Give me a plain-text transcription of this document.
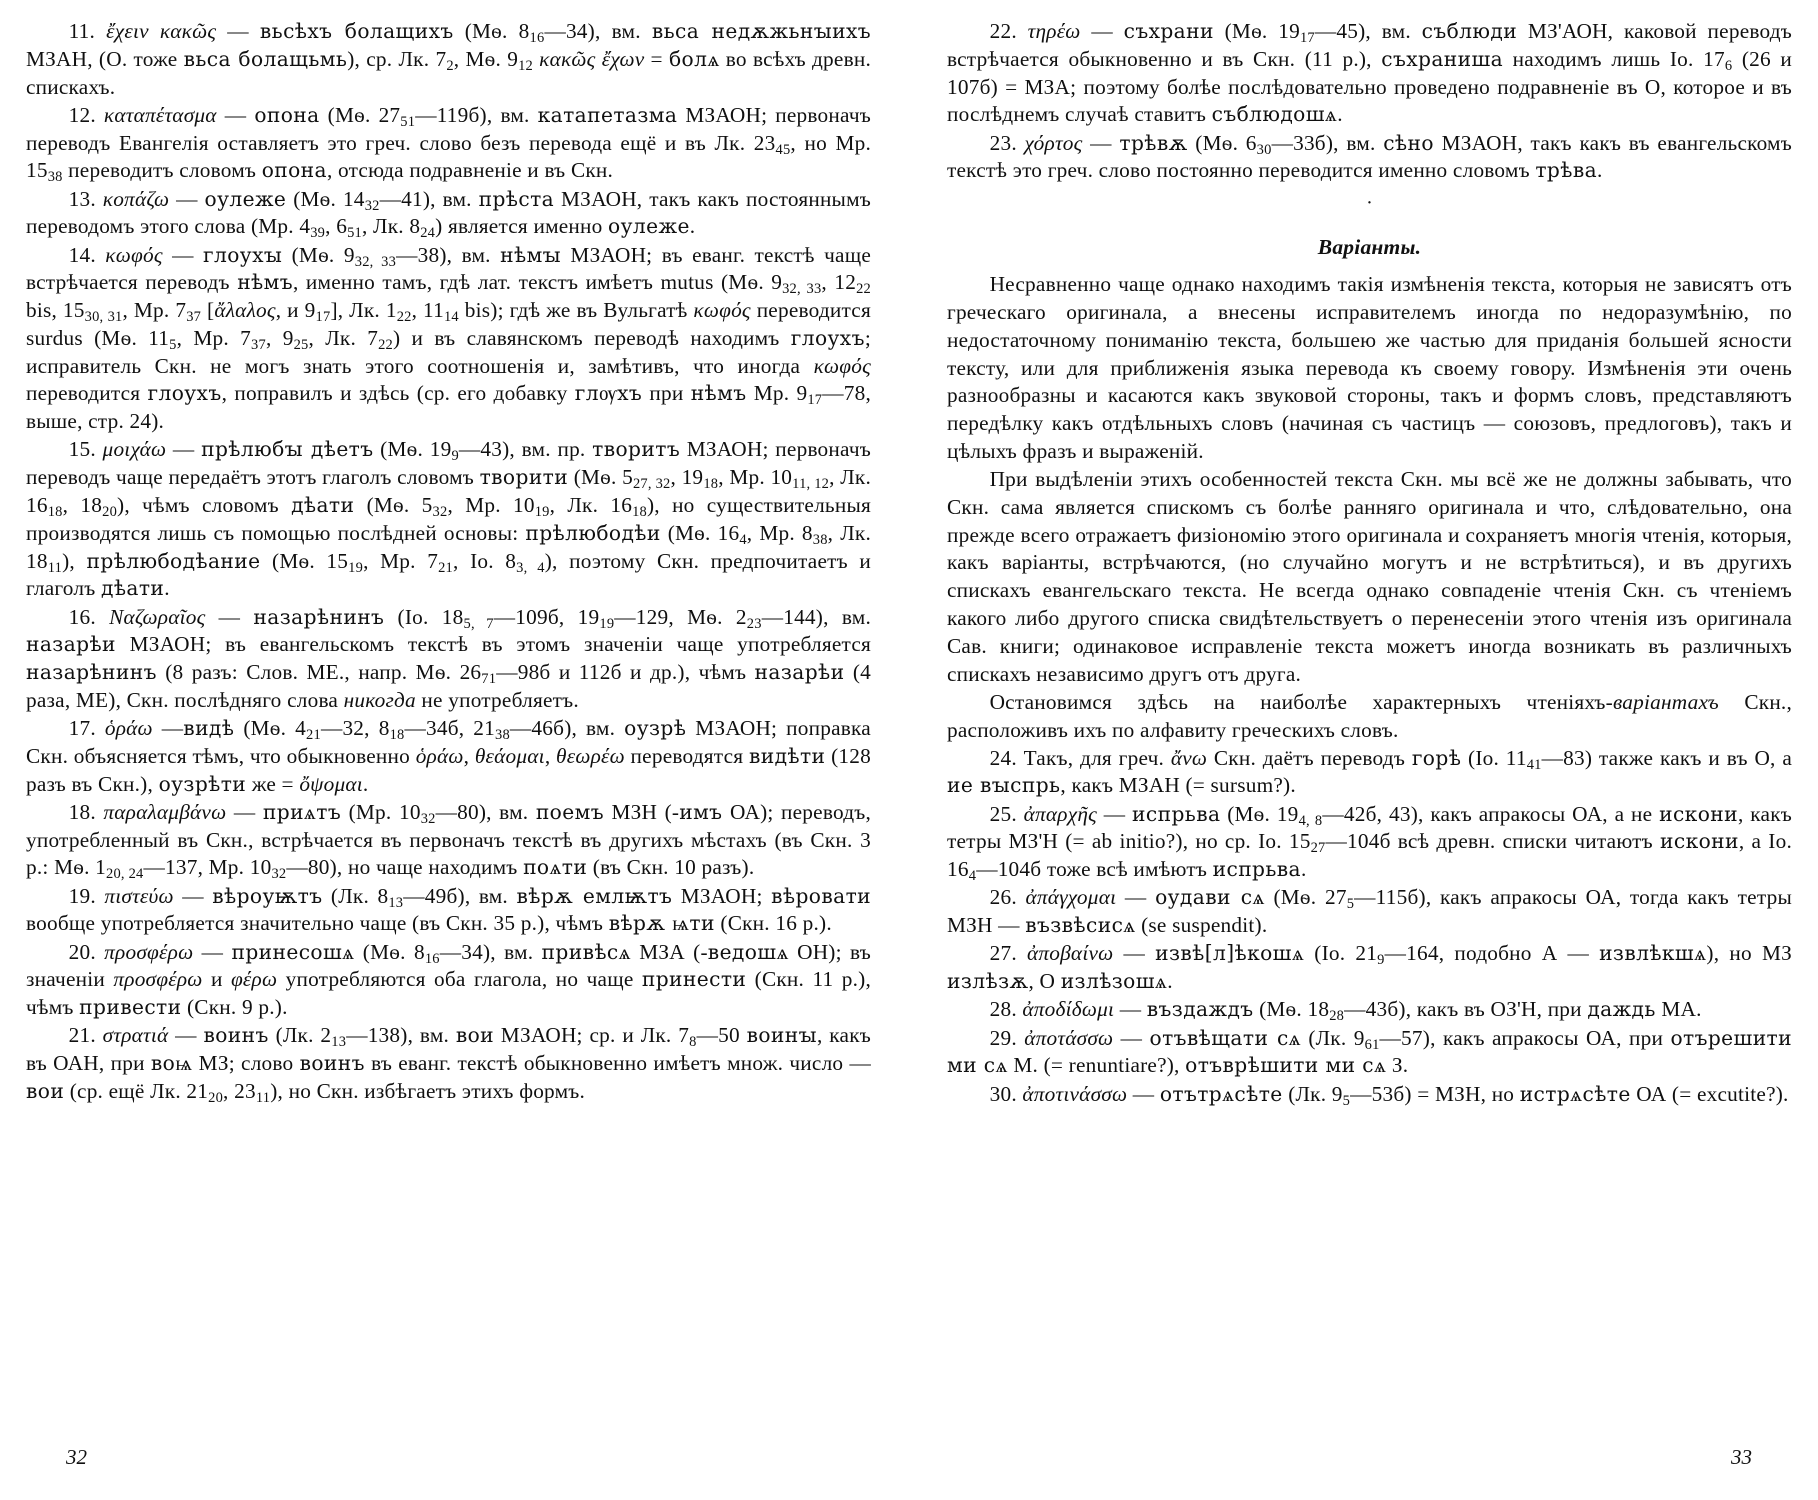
11. ἔχειν κακῶς — вьсѣхъ болащихъ (Мѳ. $8_{16}—34$), вм. вьса недѫжьнꙑихъ МЗАН, (О. тоже вьса болащьмь), ср. Лк. $7_2$, Мѳ. $9_{12}$ κακῶς ἔχων = болѧ во всѣхъ древн. спискахъ.

12. καταπέτασμα — опона (Мѳ. $27_{51}—119б$), вм. катапетазма МЗАОН; первоначъ переводъ Евангелія оставляетъ это греч. слово безъ перевода ещё и въ Лк. $23_{45}$, но Мр. $15_{38}$ переводитъ словомъ опона, отсюда подравненіе и въ Скн.

13. κοπάζω — оулеже (Мѳ. $14_{32}—41$), вм. прѣста МЗАОН, такъ какъ постояннымъ переводомъ этого слова (Мр. $4_{39}$, $6_{51}$, Лк. $8_{24}$) является именно оулеже.

14. κωφός — глоухꙑ (Мѳ. $9_{32, 33}—38$), вм. нѣмꙑ МЗАОН; въ еванг. текстѣ чаще встрѣчается переводъ нѣмъ, именно тамъ, гдѣ лат. текстъ имѣетъ mutus (Мѳ. $9_{32, 33}$, $12_{22}$ bis, $15_{30, 31}$, Мр. $7_{37}$ [ἄλαλος, и $9_{17}$], Лк. $1_{22}$, $11_{14}$ bis); гдѣ же въ Вульгатѣ κωφός переводится surdus (Мѳ. $11_5$, Мр. $7_{37}$, $9_{25}$, Лк. $7_{22}$) и въ славянскомъ переводѣ находимъ глоухъ; исправитель Скн. не могъ знать этого соотношенія и, замѣтивъ, что иногда κωφός переводится глоухъ, поправилъ и здѣсь (ср. его добавку глѹхъ при нѣмъ Мр. $9_{17}—78$, выше, стр. 24).

15. μοιχάω — прѣлюбꙑ дѣетъ (Мѳ. $19_9—43$), вм. пр. творитъ МЗАОН; первоначъ переводъ чаще передаётъ этотъ глаголъ словомъ творити (Мѳ. $5_{27, 32}$, $19_{18}$, Мр. $10_{11, 12}$, Лк. $16_{18}$, $18_{20}$), чѣмъ словомъ дѣати (Мѳ. $5_{32}$, Мр. $10_{19}$, Лк. $16_{18}$), но существительныя производятся лишь съ помощью послѣдней основы: прѣлюбодѣи (Мѳ. $16_4$, Мр. $8_{38}$, Лк. $18_{11}$), прѣлюбодѣание (Мѳ. $15_{19}$, Мр. $7_{21}$, Іо. $8_{3, 4}$), поэтому Скн. предпочитаетъ и глаголъ дѣати.

16. Ναζωραῖος — назарѣнинъ (Іо. $18_{5, 7}—109б$, $19_{19}—129$, Мѳ. $2_{23}—144$), вм. назарѣи МЗАОН; въ евангельскомъ текстѣ въ этомъ значеніи чаще употребляется назарѣнинъ (8 разъ: Слов. МЕ., напр. Мѳ. $26_{71}—98б$ и 112б и др.), чѣмъ назарѣи (4 раза, МЕ), Скн. послѣдняго слова никогда не употребляетъ.

17. ὁράω —видѣ (Мѳ. $4_{21}—32$, $8_{18}—34б$, $21_{38}—46б$), вм. оузрѣ МЗАОН; поправка Скн. объясняется тѣмъ, что обыкновенно ὁράω, θεάομαι, θεωρέω переводятся видѣти (128 разъ въ Скн.), оузрѣти же = ὄψομαι.

18. παραλαμβάνω — приѧтъ (Мр. $10_{32}—80$), вм. поемъ МЗН (-имъ ОА); переводъ, употребленный въ Скн., встрѣчается въ первоначъ текстѣ въ другихъ мѣстахъ (въ Скн. 3 р.: Мѳ. $1_{20, 24}—137$, Мр. $10_{32}—80$), но чаще находимъ поѧти (въ Скн. 10 разъ).

19. πιστεύω — вѣроуѭтъ (Лк. $8_{13}—49б$), вм. вѣрѫ емлѭтъ МЗАОН; вѣровати вообще употребляется значительно чаще (въ Скн. 35 р.), чѣмъ вѣрѫ ѩти (Скн. 16 р.).

20. προσφέρω — принесошѧ (Мѳ. $8_{16}—34$), вм. привѣсѧ МЗА (-ведошѧ ОН); въ значеніи προσφέρω и φέρω употребляются оба глагола, но чаще принести (Скн. 11 р.), чѣмъ привести (Скн. 9 р.).

21. στρατιά — воинъ (Лк. $2_{13}—138$), вм. вои МЗАОН; ср. и Лк. $7_8—50$ воинꙑ, какъ въ ОАН, при воѩ МЗ; слово воинъ въ еванг. текстѣ обыкновенно имѣетъ множ. число — вои (ср. ещё Лк. $21_{20}$, $23_{11}$), но Скн. избѣгаетъ этихъ формъ.

32

22. τηρέω — съхрани (Мѳ. $19_{17}—45$), вм. съблюди МЗ'АОН, каковой переводъ встрѣчается обыкновенно и въ Скн. (11 р.), съхраниша находимъ лишь Іо. $17_6$ (26 и 107б) = МЗА; поэтому болѣе послѣдовательно проведено подравненіе въ О, которое и въ послѣднемъ случаѣ ставитъ съблюдошѧ.

23. χόρτος — трѣвѫ (Мѳ. $6_{30}—33б$), вм. сѣно МЗАОН, такъ какъ въ евангельскомъ текстѣ это греч. слово постоянно переводится именно словомъ трѣва.

·
Варіанты.

Несравненно чаще однако находимъ такія измѣненія текста, которыя не зависятъ отъ греческаго оригинала, а внесены исправителемъ иногда по недоразумѣнію, по недостаточному пониманію текста, большею же частью для приданія большей ясности тексту, или для приближенія языка перевода къ своему говору. Измѣненія эти очень разнообразны и касаются какъ звуковой стороны, такъ и формъ словъ, представляютъ передѣлку какъ отдѣльныхъ словъ (начиная съ частицъ — союзовъ, предлоговъ), такъ и цѣлыхъ фразъ и выраженій.

При выдѣленіи этихъ особенностей текста Скн. мы всё же не должны забывать, что Скн. сама является спискомъ съ болѣе ранняго оригинала и что, слѣдовательно, она прежде всего отражаетъ физіономію этого оригинала и сохраняетъ многія чтенія, которыя, какъ варіанты, встрѣчаются, (но случайно могутъ и не встрѣтиться), и въ другихъ спискахъ евангельскаго текста. Не всегда однако совпаденіе чтенія Скн. съ чтеніемъ какого либо другого списка свидѣтельствуетъ о перенесеніи этого чтенія изъ оригинала Сав. книги; одинаковое исправленіе текста можетъ иногда возникать въ различныхъ спискахъ независимо другъ отъ друга.

Остановимся здѣсь на наиболѣе характерныхъ чтеніяхъ-варіантахъ Скн., расположивъ ихъ по алфавиту греческихъ словъ.

24. Такъ, для греч. ἄνω Скн. даётъ переводъ горѣ (Іо. $11_{41}—83$) также какъ и въ О, а ие вꙑспрь, какъ МЗАН (= sursum?).

25. ἀπαρχῆς — испрьва (Мѳ. $19_{4, 8}—42б$, 43), какъ апракосы ОА, а не искони, какъ тетры МЗ'Н (= ab initio?), но ср. Іо. $15_{27}—104б$ всѣ древн. списки читаютъ искони, а Іо. $16_4—104б$ тоже всѣ имѣютъ испрьва.

26. ἀπάγχομαι — оудави сѧ (Мѳ. $27_5—115б$), какъ апракосы ОА, тогда какъ тетры МЗН — възвѣсисѧ (se suspendit).

27. ἀποβαίνω — извѣ[л]ѣкошѧ (Іо. $21_9—164$, подобно А — извлѣкшѧ), но МЗ излѣзѫ, О излѣзошѧ.

28. ἀποδίδωμι — въздаждъ (Мѳ. $18_{28}—43б$), какъ въ ОЗ'Н, при даждь МА.

29. ἀποτάσσω — отъвѣщати сѧ (Лк. $9_{61}—57$), какъ апракосы ОА, при отърешити ми сѧ М. (= renuntiare?), отъврѣшити ми сѧ З.

30. ἀποτινάσσω — отътрѧсѣте (Лк. $9_5—53б$) = МЗН, но истрѧсѣте ОА (= excutite?).

33
